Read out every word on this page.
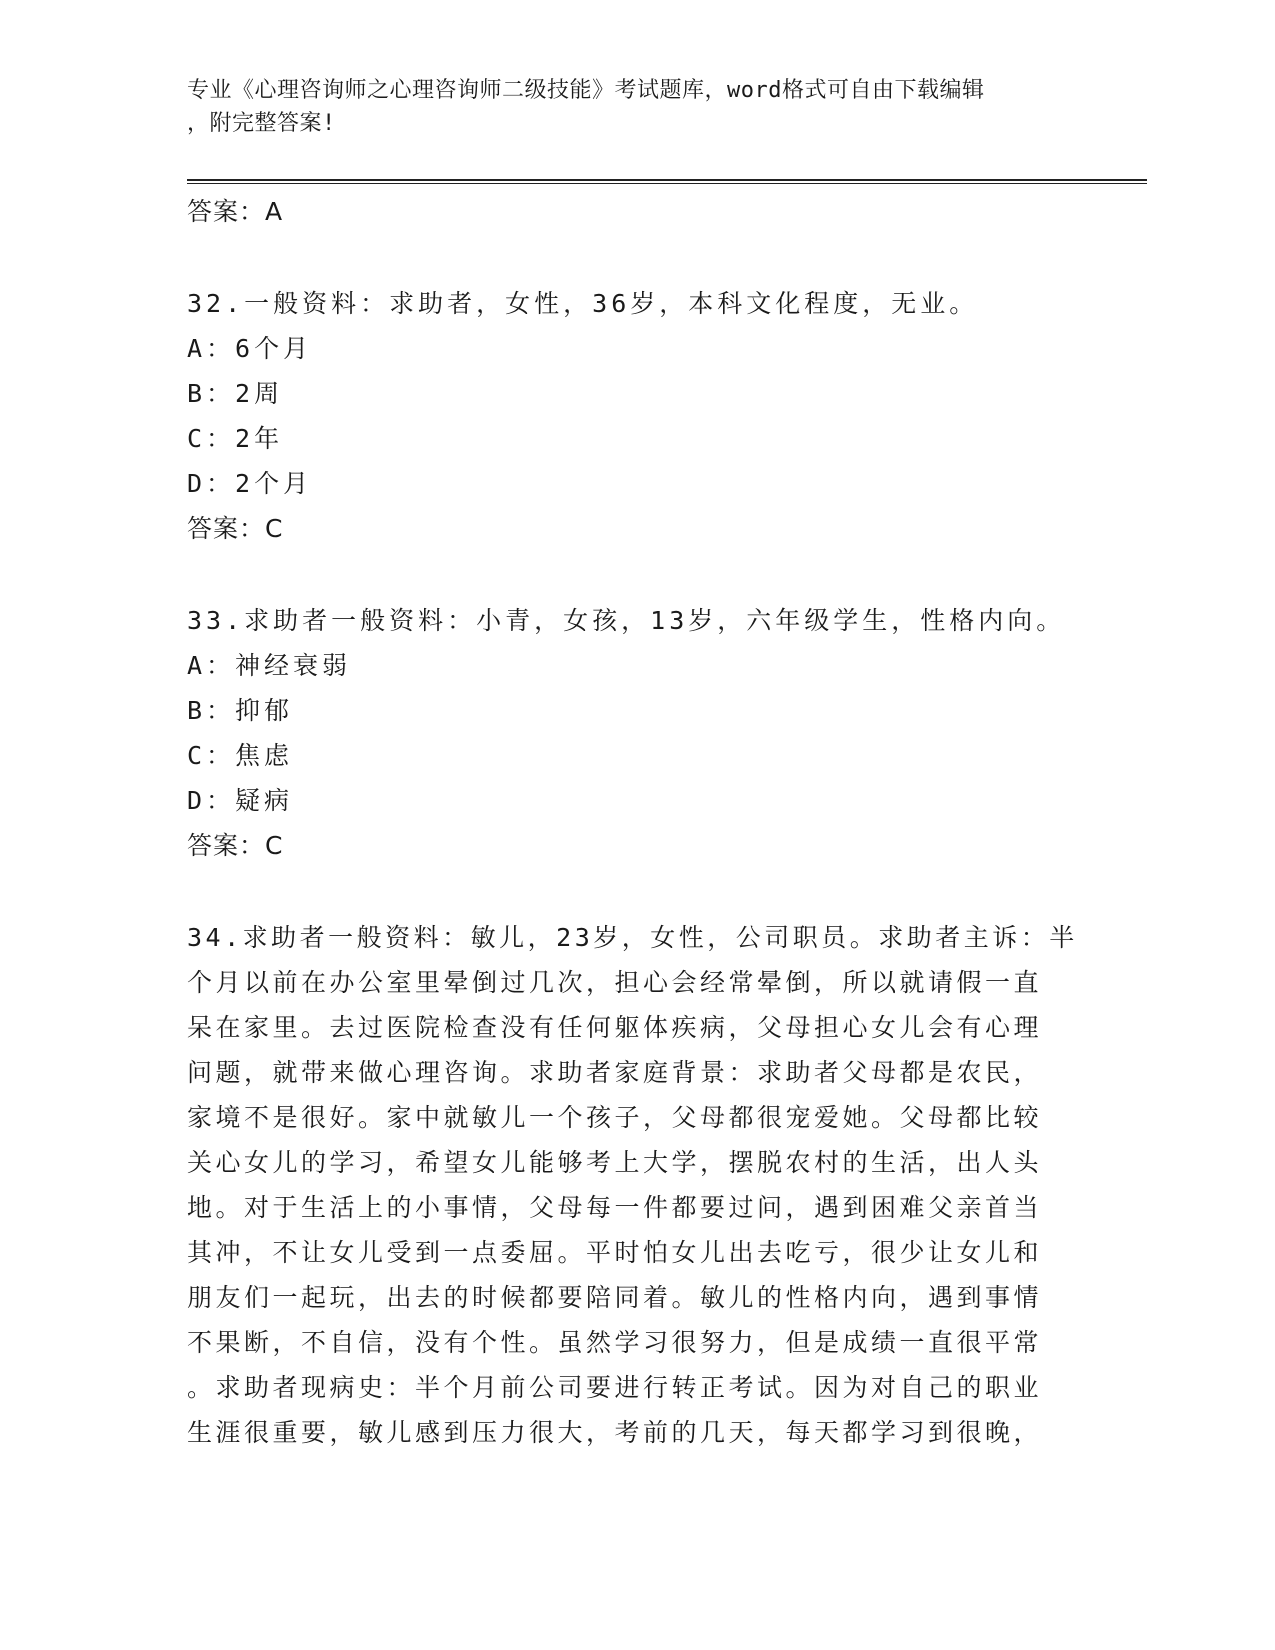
专业《心理咨询师之心理咨询师二级技能》考试题库，word格式可自由下载编辑
，附完整答案!
答案：A
32.一般资料：求助者，女性，36岁，本科文化程度，无业。
A：6个月
B：2周
C：2年
D：2个月
答案：C
33.求助者一般资料：小青，女孩，13岁，六年级学生，性格内向。
A：神经衰弱
B：抑郁
C：焦虑
D：疑病
答案：C
34.求助者一般资料：敏儿，23岁，女性，公司职员。求助者主诉：半
个月以前在办公室里晕倒过几次，担心会经常晕倒，所以就请假一直
呆在家里。去过医院检查没有任何躯体疾病，父母担心女儿会有心理
问题，就带来做心理咨询。求助者家庭背景：求助者父母都是农民，
家境不是很好。家中就敏儿一个孩子，父母都很宠爱她。父母都比较
关心女儿的学习，希望女儿能够考上大学，摆脱农村的生活，出人头
地。对于生活上的小事情，父母每一件都要过问，遇到困难父亲首当
其冲，不让女儿受到一点委屈。平时怕女儿出去吃亏，很少让女儿和
朋友们一起玩，出去的时候都要陪同着。敏儿的性格内向，遇到事情
不果断，不自信，没有个性。虽然学习很努力，但是成绩一直很平常
。求助者现病史：半个月前公司要进行转正考试。因为对自己的职业
生涯很重要，敏儿感到压力很大，考前的几天，每天都学习到很晚，
